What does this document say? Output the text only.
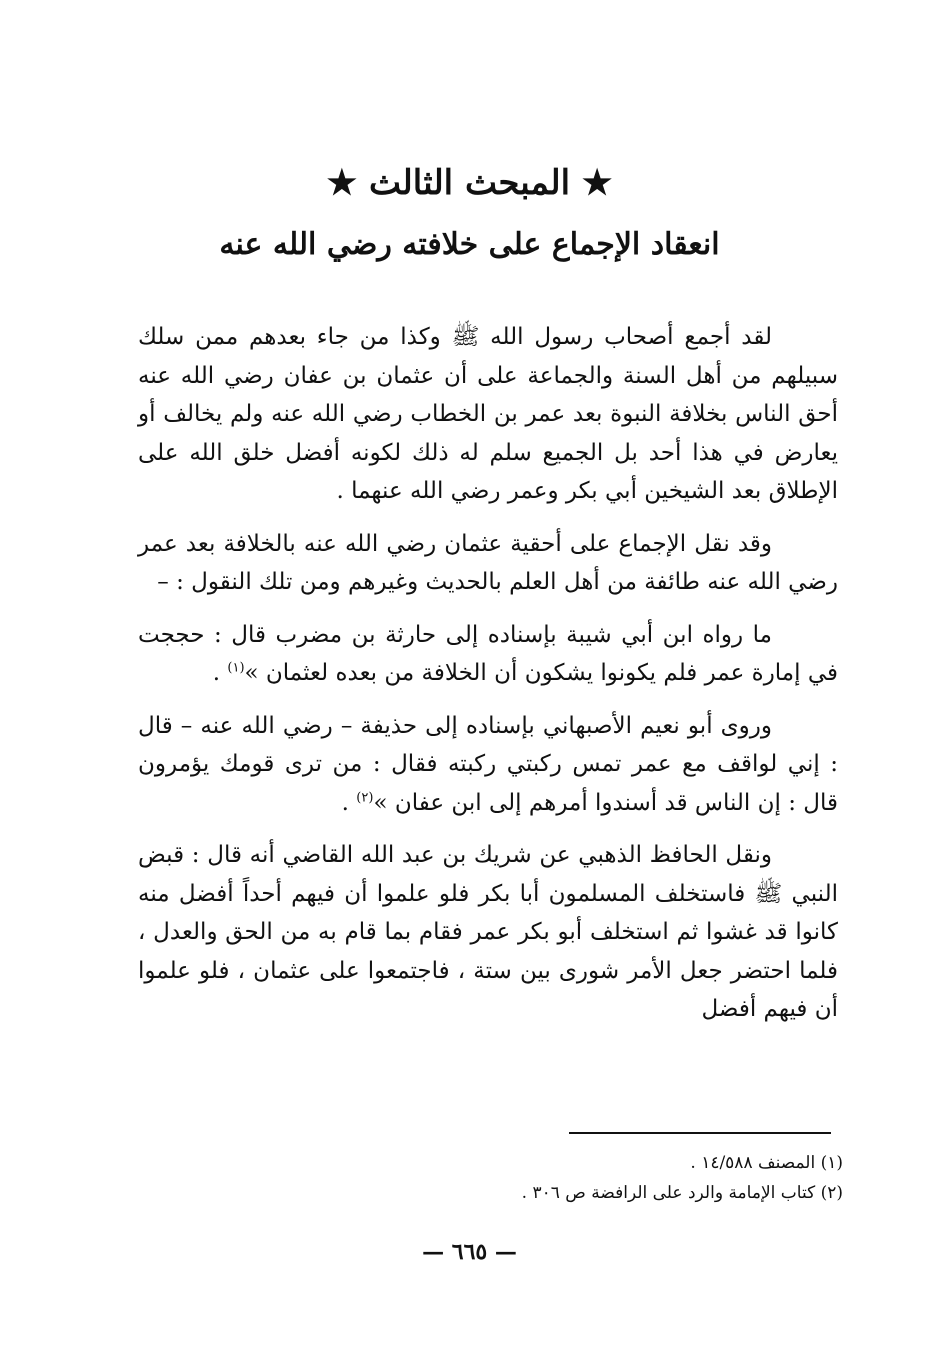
★ المبحث الثالث ★
انعقاد الإجماع على خلافته رضي الله عنه

لقد أجمع أصحاب رسول الله ﷺ وكذا من جاء بعدهم ممن سلك سبيلهم من أهل السنة والجماعة على أن عثمان بن عفان رضي الله عنه أحق الناس بخلافة النبوة بعد عمر بن الخطاب رضي الله عنه ولم يخالف أو يعارض في هذا أحد بل الجميع سلم له ذلك لكونه أفضل خلق الله على الإطلاق بعد الشيخين أبي بكر وعمر رضي الله عنهما .

وقد نقل الإجماع على أحقية عثمان رضي الله عنه بالخلافة بعد عمر رضي الله عنه طائفة من أهل العلم بالحديث وغيرهم ومن تلك النقول : –

ما رواه ابن أبي شيبة بإسناده إلى حارثة بن مضرب قال : حججت في إمارة عمر فلم يكونوا يشكون أن الخلافة من بعده لعثمان »$^{(١)}$ .

وروى أبو نعيم الأصبهاني بإسناده إلى حذيفة – رضي الله عنه – قال : إني لواقف مع عمر تمس ركبتي ركبته فقال : من ترى قومك يؤمرون قال : إن الناس قد أسندوا أمرهم إلى ابن عفان »$^{(٢)}$ .

ونقل الحافظ الذهبي عن شريك بن عبد الله القاضي أنه قال : قبض النبي ﷺ فاستخلف المسلمون أبا بكر فلو علموا أن فيهم أحداً أفضل منه كانوا قد غشوا ثم استخلف أبو بكر عمر فقام بما قام به من الحق والعدل ، فلما احتضر جعل الأمر شورى بين ستة ، فاجتمعوا على عثمان ، فلو علموا أن فيهم أفضل

(١) المصنف ١٤/٥٨٨ .
(٢) كتاب الإمامة والرد على الرافضة ص ٣٠٦ .
— ٦٦٥ —
